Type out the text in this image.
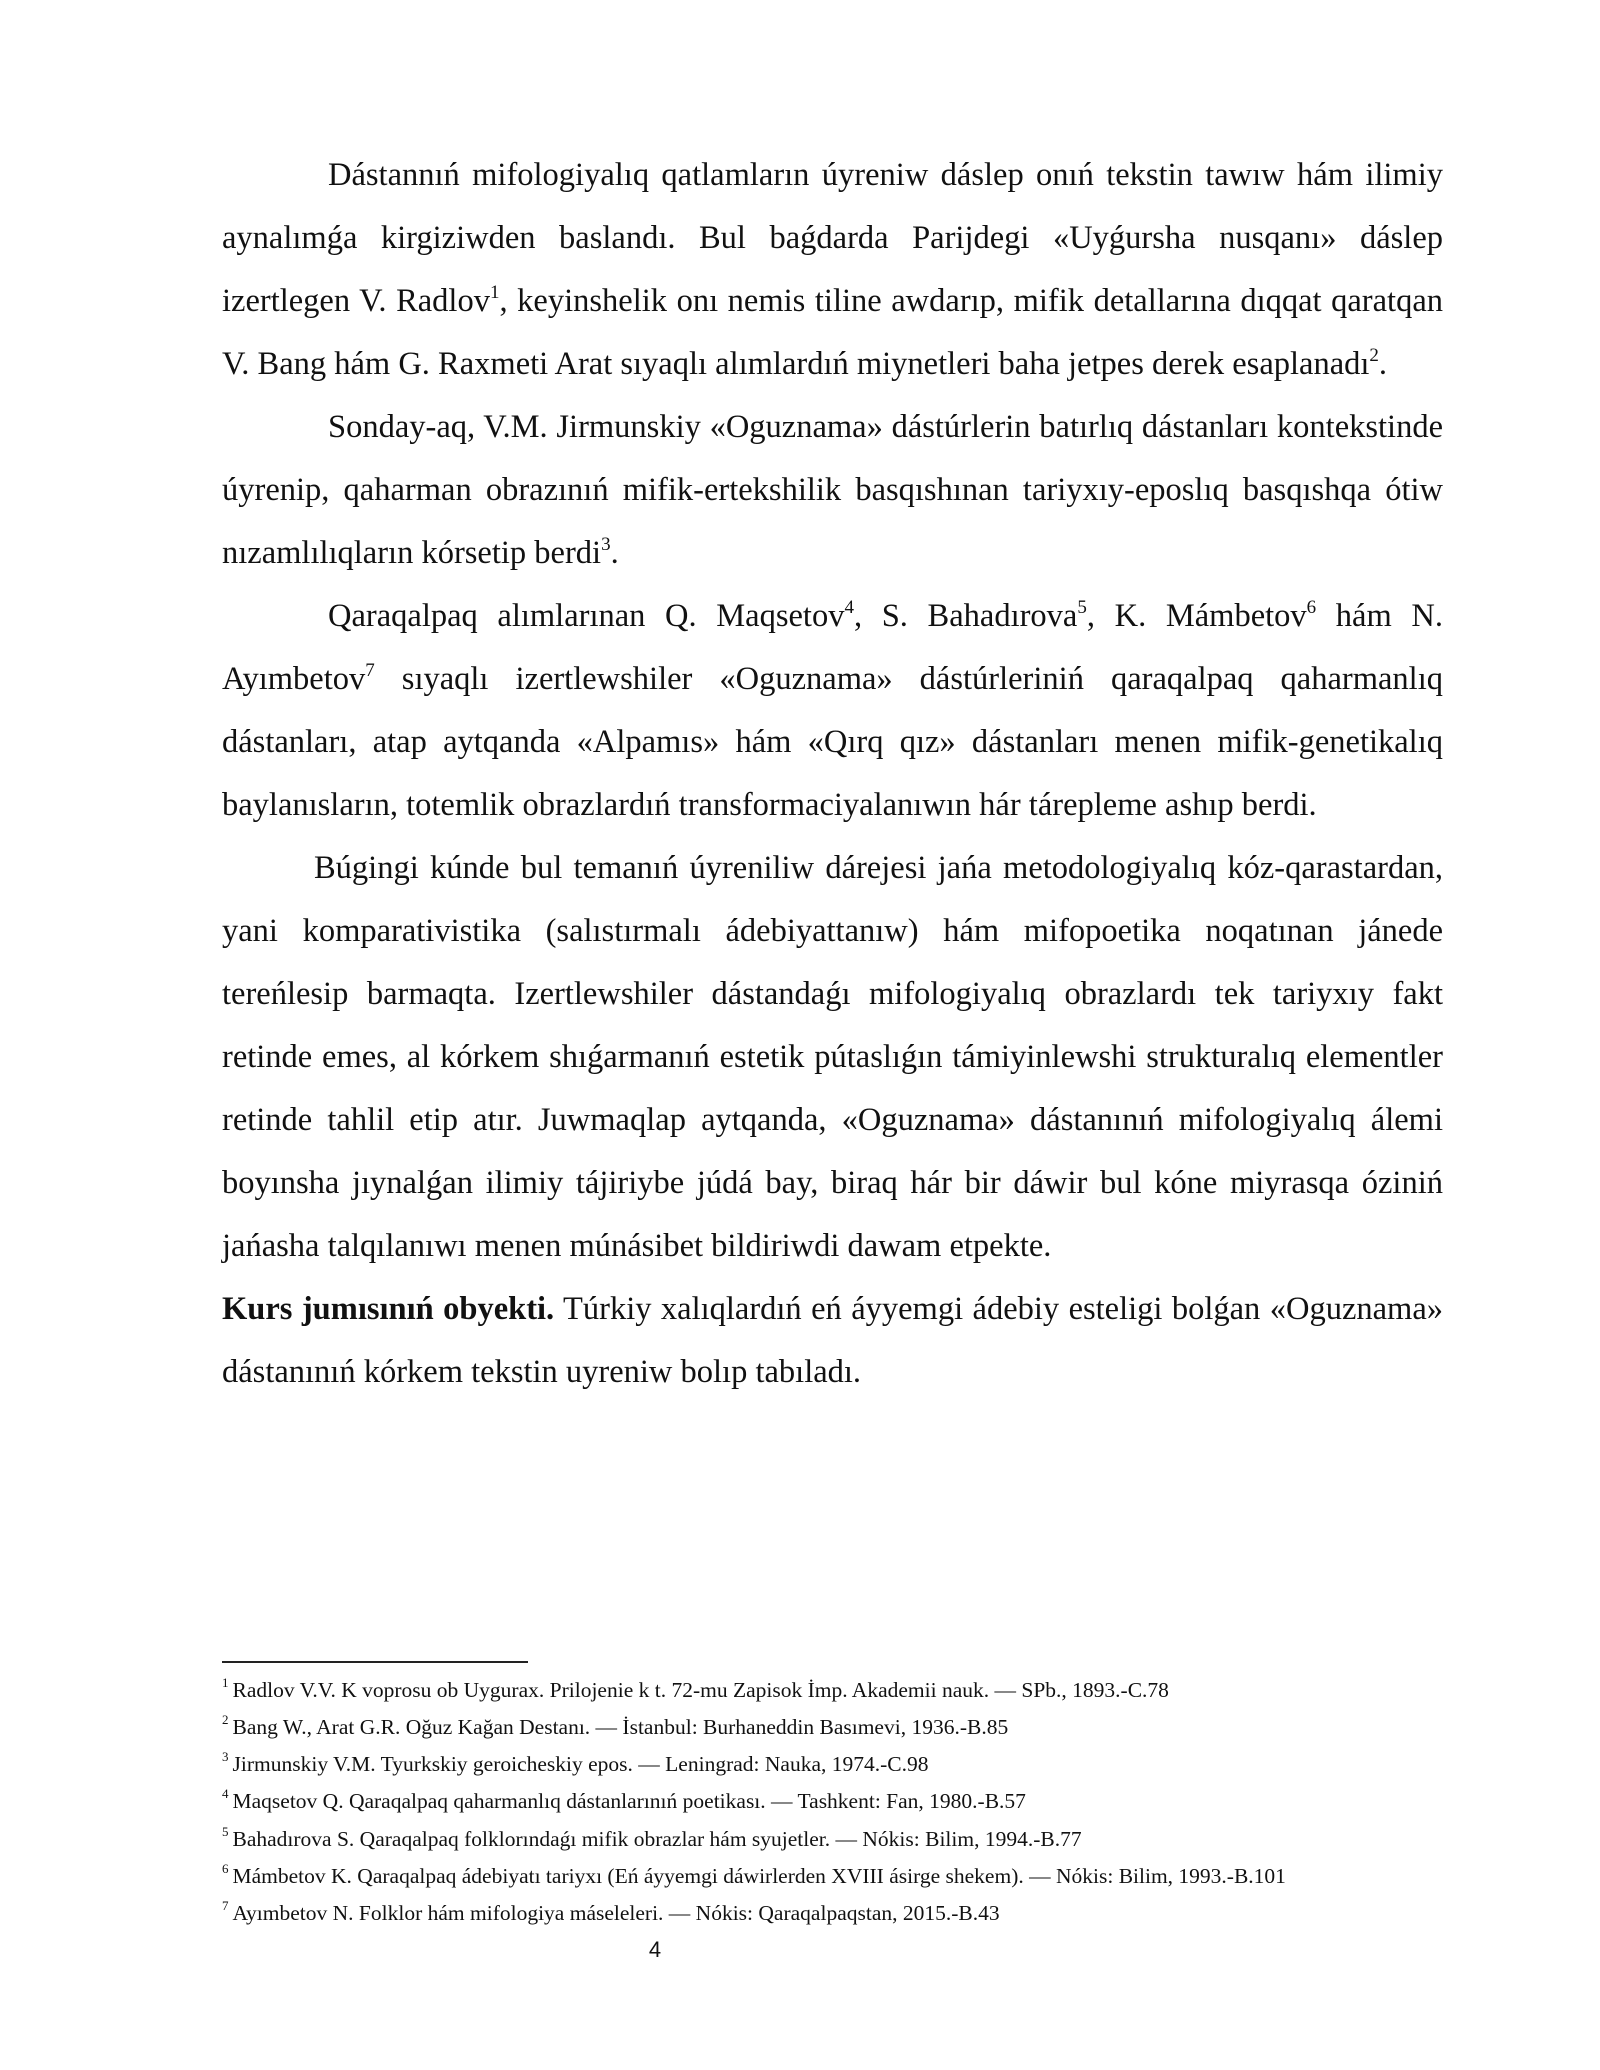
Dástannıń mifologiyalıq qatlamların úyreniw dáslep onıń tekstin tawıw hám ilimiy aynalımǵa kirgiziwden baslandı. Bul baǵdarda Parijdegi «Uyǵursha nusqanı» dáslep izertlegen V. Radlov$^1$, keyinshelik onı nemis tiline awdarıp, mifik detallarına dıqqat qaratqan V. Bang hám G. Raxmeti Arat sıyaqlı alımlardıń miynetleri baha jetpes derek esaplanadı$^2$.

Sonday-aq, V.M. Jirmunskiy «Oguznama» dástúrlerin batırlıq dástanları kontekstinde úyrenip, qaharman obrazınıń mifik-ertekshilik basqıshınan tariyxıy-eposlıq basqıshqa ótiw nızamlılıqların kórsetip berdi$^3$.

Qaraqalpaq alımlarınan Q. Maqsetov$^4$, S. Bahadırova$^5$, K. Mámbetov$^6$ hám N. Ayımbetov$^7$ sıyaqlı izertlewshiler «Oguznama» dástúrleriniń qaraqalpaq qaharmanlıq dástanları, atap aytqanda «Alpamıs» hám «Qırq qız» dástanları menen mifik-genetikalıq baylanısların, totemlik obrazlardıń transformaciyalanıwın hár tárepleme ashıp berdi.

Búgingi kúnde bul temanıń úyreniliw dárejesi jańa metodologiyalıq kóz-qarastardan, yani komparativistika (salıstırmalı ádebiyattanıw) hám mifopoetika noqatınan jánede tereńlesip barmaqta. Izertlewshiler dástandaǵı mifologiyalıq obrazlardı tek tariyxıy fakt retinde emes, al kórkem shıǵarmanıń estetik pútaslıǵın támiyinlewshi strukturalıq elementler retinde tahlil etip atır. Juwmaqlap aytqanda, «Oguznama» dástanınıń mifologiyalıq álemi boyınsha jıynalǵan ilimiy tájiriybe júdá bay, biraq hár bir dáwir bul kóne miyrasqa óziniń jańasha talqılanıwı menen múnásibet bildiriwdi dawam etpekte.

Kurs jumısınıń obyekti. Túrkiy xalıqlardıń eń áyyemgi ádebiy esteligi bolǵan «Oguznama» dástanınıń kórkem tekstin uyreniw bolıp tabıladı.

$^1$ Radlov V.V. K voprosu ob Uygurax. Prilojenie k t. 72-mu Zapisok İmp. Akademii nauk. — SPb., 1893.-C.78

$^2$ Bang W., Arat G.R. Oğuz Kağan Destanı. — İstanbul: Burhaneddin Basımevi, 1936.-B.85

$^3$ Jirmunskiy V.M. Tyurkskiy geroicheskiy epos. — Leningrad: Nauka, 1974.-C.98

$^4$ Maqsetov Q. Qaraqalpaq qaharmanlıq dástanlarınıń poetikası. — Tashkent: Fan, 1980.-B.57

$^5$ Bahadırova S. Qaraqalpaq folklorındaǵı mifik obrazlar hám syujetler. — Nókis: Bilim, 1994.-B.77

$^6$ Mámbetov K. Qaraqalpaq ádebiyatı tariyxı (Eń áyyemgi dáwirlerden XVIII ásirge shekem). — Nókis: Bilim, 1993.-B.101

$^7$ Ayımbetov N. Folklor hám mifologiya máseleleri. — Nókis: Qaraqalpaqstan, 2015.-B.43

4
